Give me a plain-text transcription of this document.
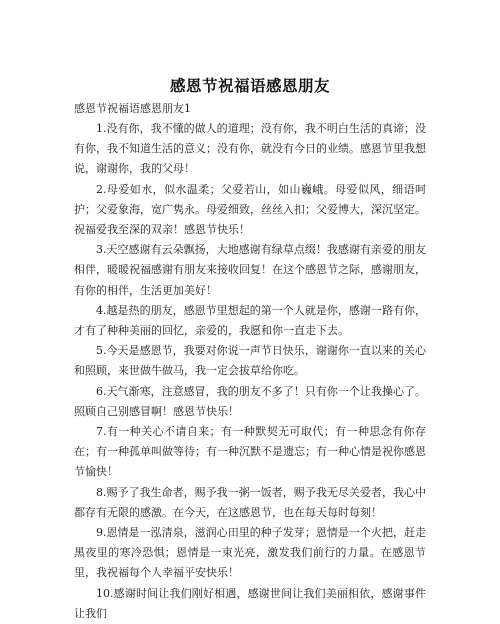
感恩节祝福语感恩朋友
感恩节祝福语感恩朋友1

1.没有你，我不懂的做人的道理；没有你，我不明白生活的真谛；没有你，我不知道生活的意义；没有你，就没有今日的业绩。感恩节里我想说，谢谢你，我的父母！

2.母爱如水，似水温柔；父爱若山，如山巍峨。母爱似风，细语呵护；父爱象海，宽广隽永。母爱细致，丝丝入扣；父爱博大，深沉坚定。祝福爱我至深的双亲！感恩节快乐！

3.天空感谢有云朵飘扬，大地感谢有绿草点缀！我感谢有亲爱的朋友相伴，暖暖祝福感谢有朋友来接收回复！在这个感恩节之际，感谢朋友，有你的相伴，生活更加美好！

4.越是热的朋友，感恩节里想起的第一个人就是你，感谢一路有你，才有了种种美丽的回忆，亲爱的，我愿和你一直走下去。

5.今天是感恩节，我要对你说一声节日快乐，谢谢你一直以来的关心和照顾，来世做牛做马，我一定会拔草给你吃。

6.天气渐寒，注意感冒，我的朋友不多了！只有你一个让我操心了。照顾自己别感冒啊！感恩节快乐！

7.有一种关心不请自来；有一种默契无可取代；有一种思念有你存在；有一种孤单叫做等待；有一种沉默不是遗忘；有一种心情是祝你感恩节愉快！

8.赐予了我生命者，赐予我一粥一饭者，赐予我无尽关爱者，我心中都存有无限的感激。在今天，在这感恩节，也在每天每时每刻！

9.恩情是一泓清泉，滋润心田里的种子发芽；恩情是一个火把，赶走黑夜里的寒冷恐惧；恩情是一束光亮，激发我们前行的力量。在感恩节里，我祝福每个人幸福平安快乐！

10.感谢时间让我们刚好相遇，感谢世间让我们美丽相依，感谢事件让我们
